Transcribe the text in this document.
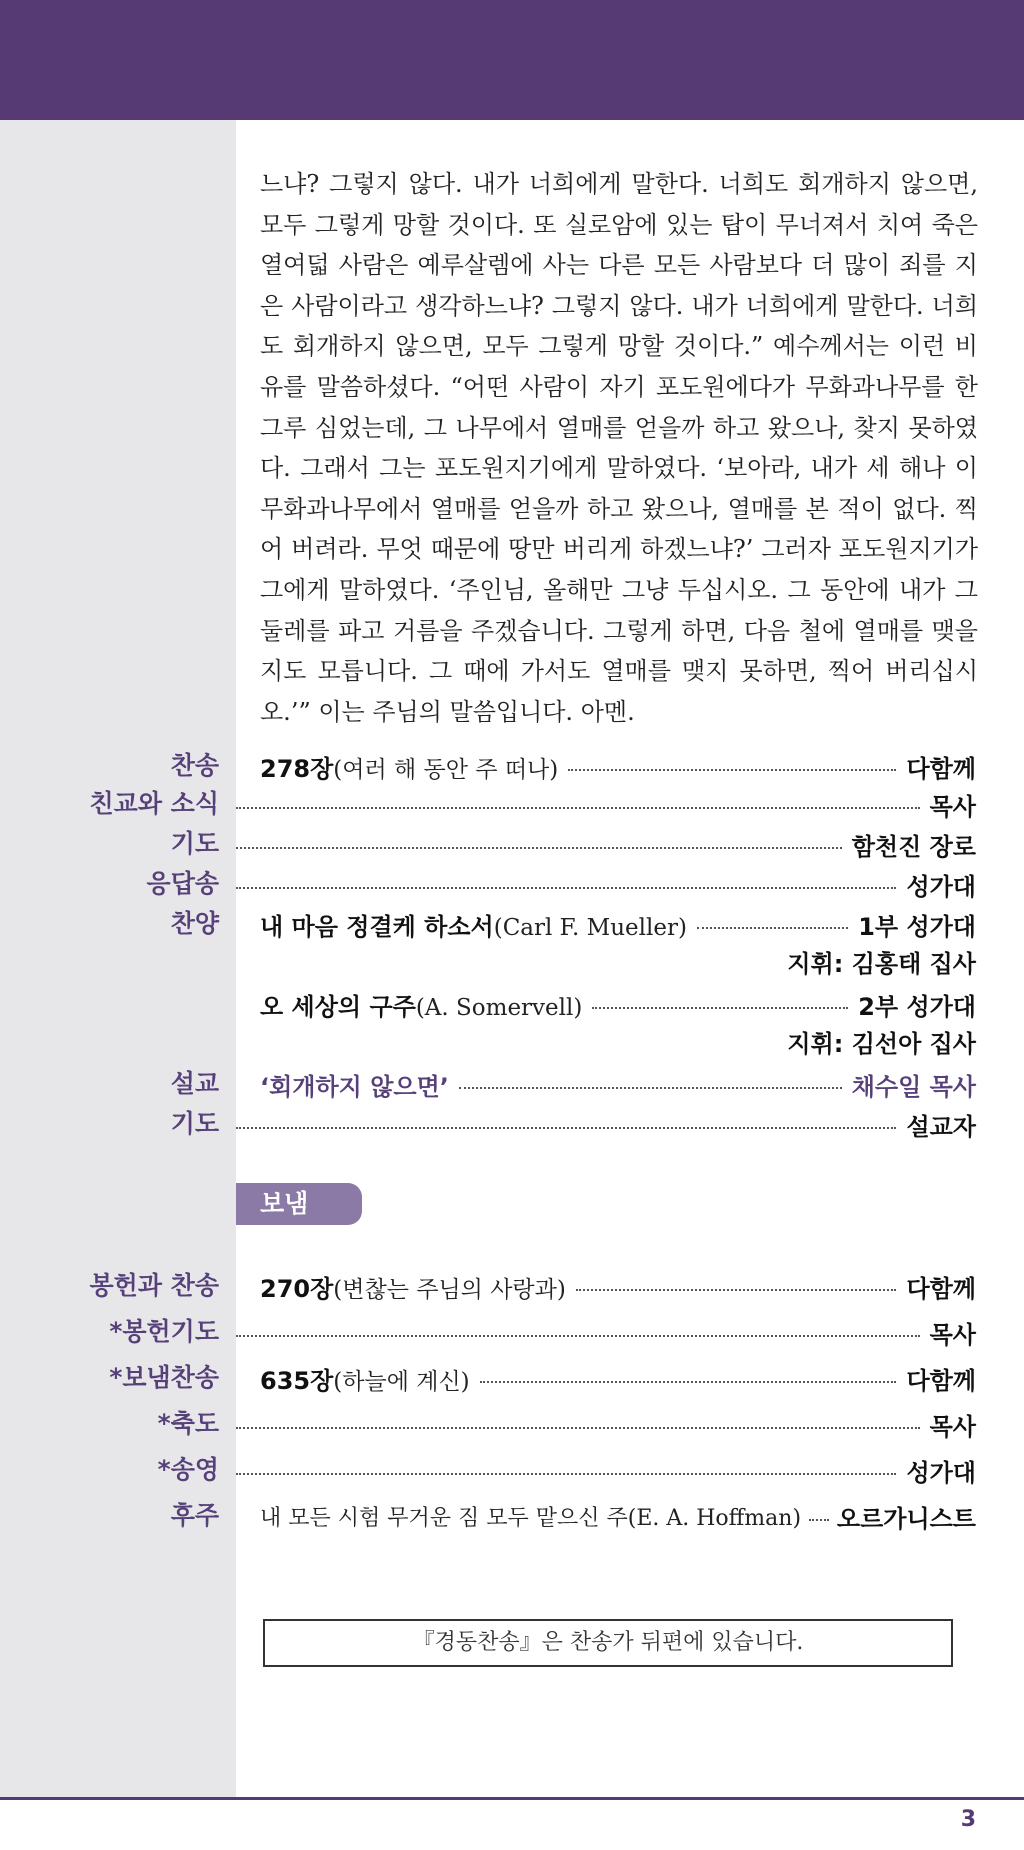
느냐? 그렇지 않다. 내가 너희에게 말한다. 너희도 회개하지 않으면, 모두 그렇게 망할 것이다. 또 실로암에 있는 탑이 무너져서 치여 죽은 열여덟 사람은 예루살렘에 사는 다른 모든 사람보다 더 많이 죄를 지은 사람이라고 생각하느냐? 그렇지 않다. 내가 너희에게 말한다. 너희도 회개하지 않으면, 모두 그렇게 망할 것이다.” 예수께서는 이런 비유를 말씀하셨다. “어떤 사람이 자기 포도원에다가 무화과나무를 한 그루 심었는데, 그 나무에서 열매를 얻을까 하고 왔으나, 찾지 못하였다. 그래서 그는 포도원지기에게 말하였다. ‘보아라, 내가 세 해나 이 무화과나무에서 열매를 얻을까 하고 왔으나, 열매를 본 적이 없다. 찍어 버려라. 무엇 때문에 땅만 버리게 하겠느냐?’ 그러자 포도원지기가 그에게 말하였다. ‘주인님, 올해만 그냥 두십시오. 그 동안에 내가 그 둘레를 파고 거름을 주겠습니다. 그렇게 하면, 다음 철에 열매를 맺을지도 모릅니다. 그 때에 가서도 열매를 맺지 못하면, 찍어 버리십시오.’” 이는 주님의 말씀입니다. 아멘.

찬송 278장(여러 해 동안 주 떠나)	다함께
친교와 소식	목사
기도	함천진 장로
응답송	성가대
찬양 내 마음 정결케 하소서(Carl F. Mueller)	1부 성가대
지휘: 김홍태 집사
오 세상의 구주(A. Somervell)	2부 성가대
지휘: 김선아 집사
설교 ‘회개하지 않으면’	채수일 목사
기도	설교자
보냄
봉헌과 찬송 270장(변찮는 주님의 사랑과)	다함께
*봉헌기도	목사
*보냄찬송 635장(하늘에 계신)	다함께
*축도	목사
*송영	성가대
후주 내 모든 시험 무거운 짐 모두 맡으신 주(E. A. Hoffman) 오르가니스트
『경동찬송』은 찬송가 뒤편에 있습니다.
3
